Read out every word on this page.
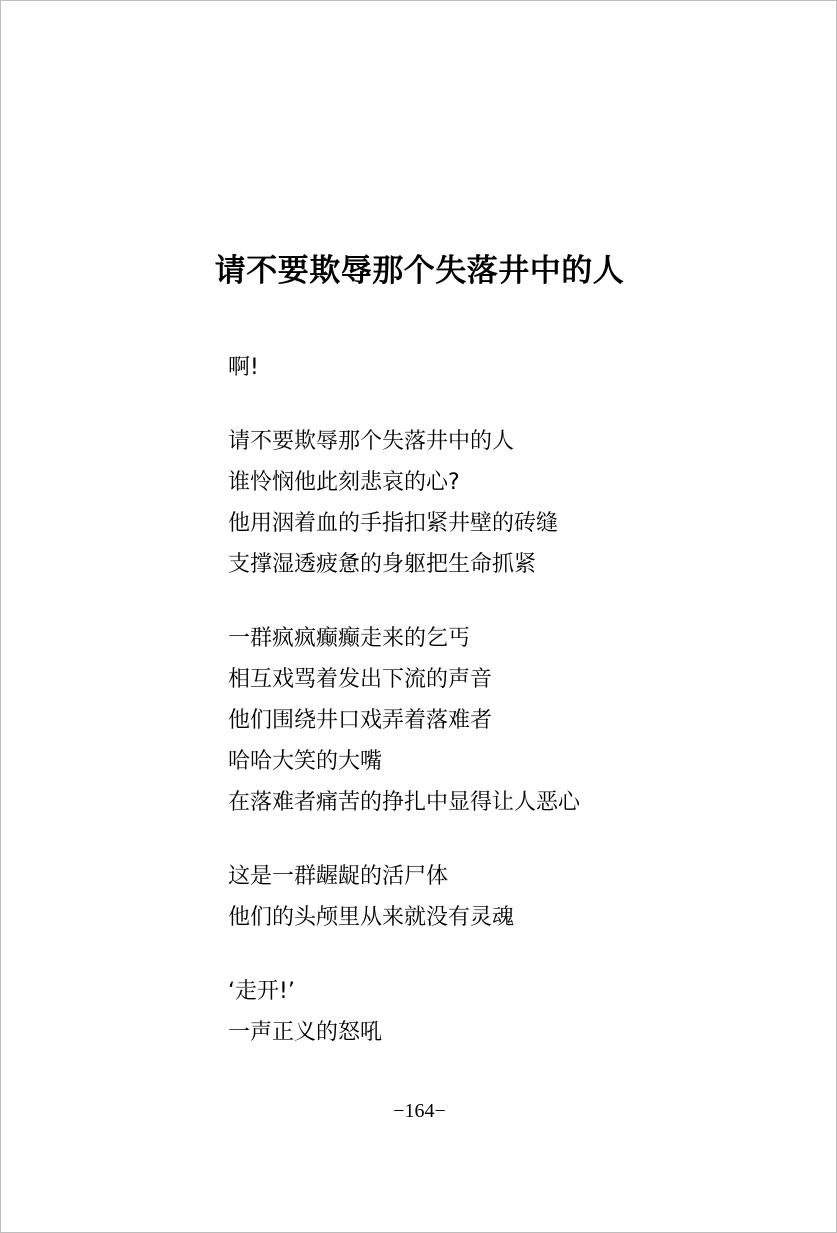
请不要欺辱那个失落井中的人
啊!
请不要欺辱那个失落井中的人
谁怜悯他此刻悲哀的心?
他用洇着血的手指扣紧井壁的砖缝
支撑湿透疲惫的身躯把生命抓紧
一群疯疯癫癫走来的乞丐
相互戏骂着发出下流的声音
他们围绕井口戏弄着落难者
哈哈大笑的大嘴
在落难者痛苦的挣扎中显得让人恶心
这是一群龌龊的活尸体
他们的头颅里从来就没有灵魂
‘走开!’
一声正义的怒吼
−164−
